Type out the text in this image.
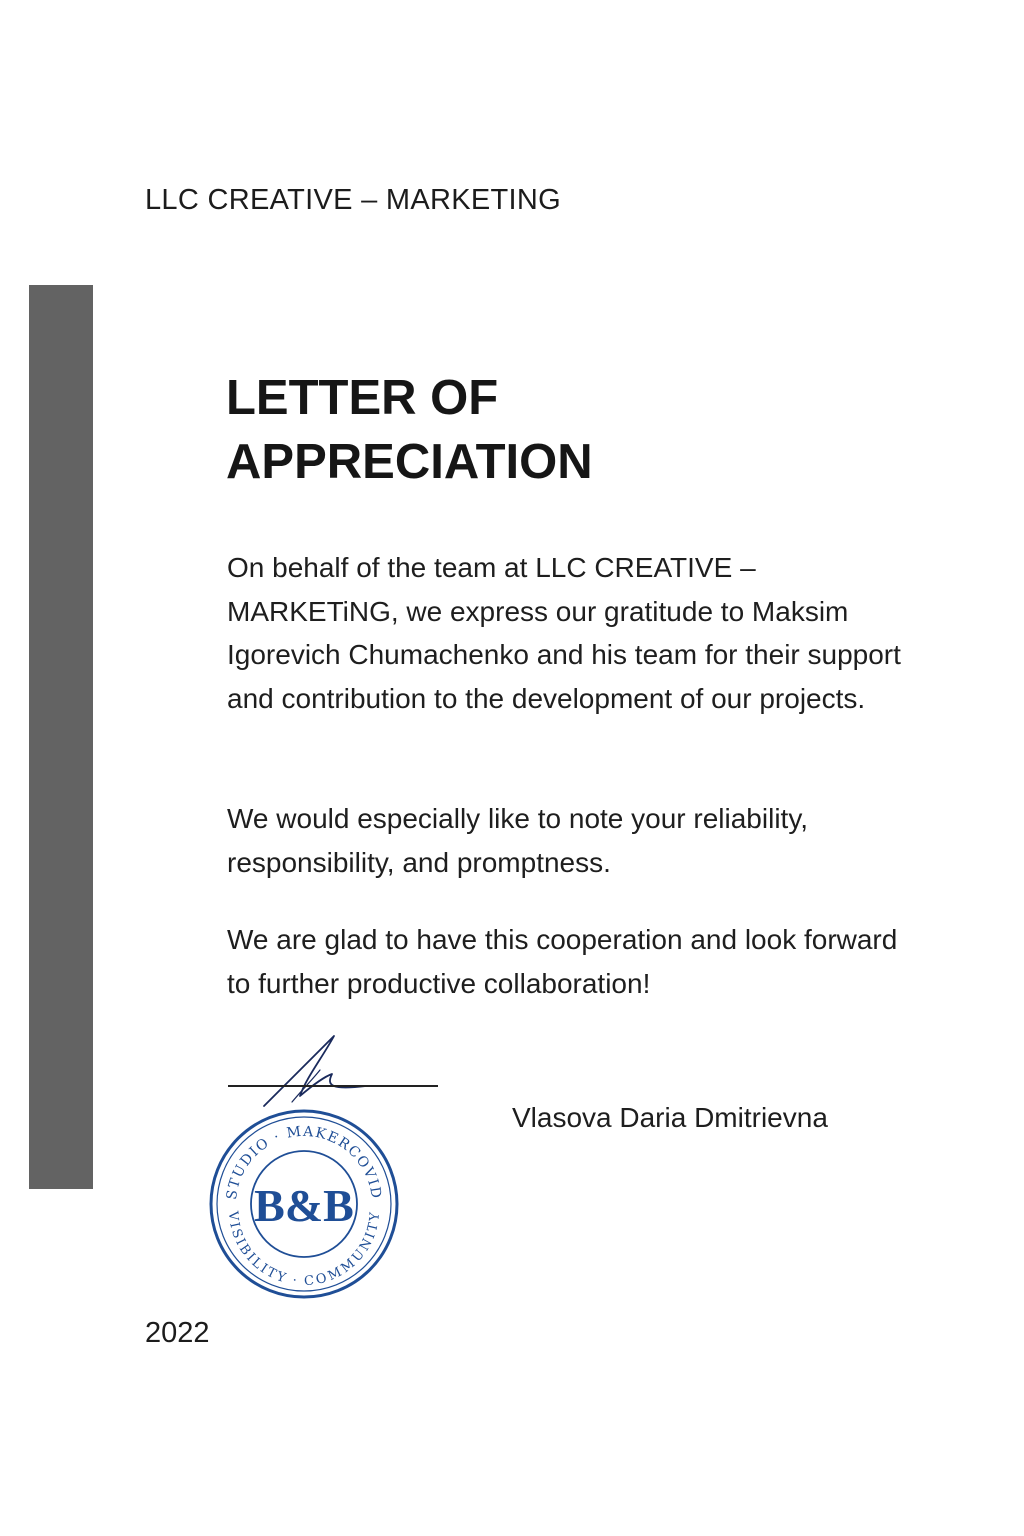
LLC CREATIVE – MARKETING
LETTER OF
APPRECIATION

On behalf of the team at LLC CREATIVE – MARKETiNG, we express our gratitude to Maksim Igorevich Chumachenko and his team for their support and contribution to the development of our projects.

We would especially like to note your reliability, responsibility, and promptness.

We are glad to have this cooperation and look forward to further productive collaboration!

Vlasova Daria Dmitrievna
STUDIO · MAKERCOVID
VISIBILITY · COMMUNITY
B&B
2022
